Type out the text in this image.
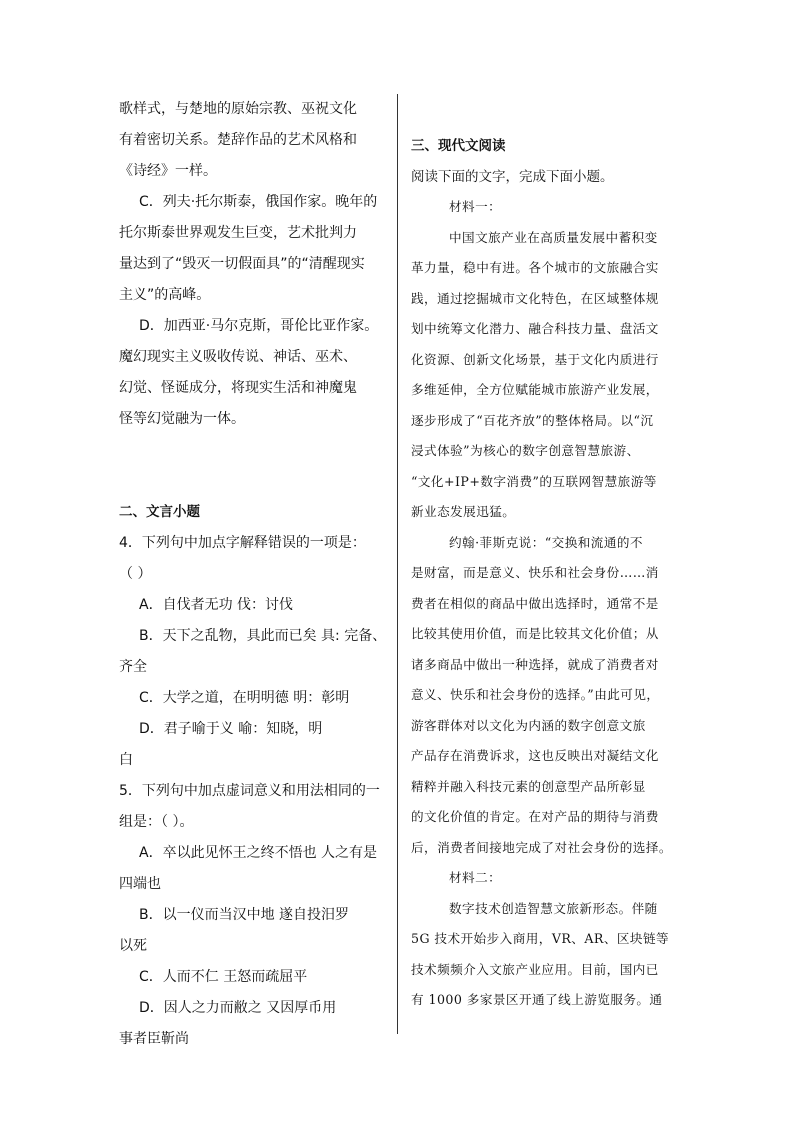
歌样式，与楚地的原始宗教、巫祝文化
有着密切关系。楚辞作品的艺术风格和
《诗经》一样。
C．列夫·托尔斯泰，俄国作家。晚年的
托尔斯泰世界观发生巨变，艺术批判力
量达到了“毁灭一切假面具”的“清醒现实
主义”的高峰。
D．加西亚·马尔克斯，哥伦比亚作家。
魔幻现实主义吸收传说、神话、巫术、
幻觉、怪诞成分，将现实生活和神魔鬼
怪等幻觉融为一体。
二、文言小题
4．下列句中加点字解释错误的一项是：
（ ）
A．自伐者无功 伐：讨伐
B．天下之乱物，具此而已矣 具: 完备、
齐全
C．大学之道，在明明德 明：彰明
D．君子喻于义 喻：知晓，明
白
5．下列句中加点虚词意义和用法相同的一
组是：（ ）。
A．卒以此见怀王之终不悟也 人之有是
四端也
B．以一仪而当汉中地 遂自投汨罗
以死
C．人而不仁 王怒而疏屈平
D．因人之力而敝之 又因厚币用
事者臣靳尚
三、现代文阅读
阅读下面的文字，完成下面小题。
材料一：
中国文旅产业在高质量发展中蓄积变
革力量，稳中有进。各个城市的文旅融合实
践，通过挖掘城市文化特色，在区域整体规
划中统筹文化潜力、融合科技力量、盘活文
化资源、创新文化场景，基于文化内质进行
多维延伸，全方位赋能城市旅游产业发展，
逐步形成了“百花齐放”的整体格局。以“沉
浸式体验”为核心的数字创意智慧旅游、
“文化+IP+数字消费”的互联网智慧旅游等
新业态发展迅猛。
约翰·菲斯克说：“交换和流通的不
是财富，而是意义、快乐和社会身份……消
费者在相似的商品中做出选择时，通常不是
比较其使用价值，而是比较其文化价值；从
诸多商品中做出一种选择，就成了消费者对
意义、快乐和社会身份的选择。”由此可见，
游客群体对以文化为内涵的数字创意文旅
产品存在消费诉求，这也反映出对凝结文化
精粹并融入科技元素的创意型产品所彰显
的文化价值的肯定。在对产品的期待与消费
后，消费者间接地完成了对社会身份的选择。
材料二：
数字技术创造智慧文旅新形态。伴随
5G 技术开始步入商用，VR、AR、区块链等
技术频频介入文旅产业应用。目前，国内已
有 1000 多家景区开通了线上游览服务。通
